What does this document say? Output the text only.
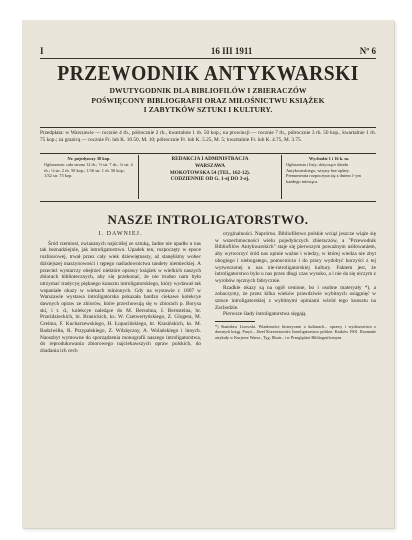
I	16 III 1911	Nº 6
PRZEWODNIK ANTYKWARSKI
DWUTYGODNIK DLA BIBLIOFILÓW I ZBIERACZÓW
POŚWIĘCONY BIBLIOGRAFII ORAZ MIŁOŚNICTWU KSIĄŻEK
I ZABYTKÓW SZTUKI I KULTURY.
Przedpłata: w Warszawie — rocznie 4 rb., półrocznie 2 rb., kwartalnie 1 rb. 50 kop.; na prowincji — rocznie 7 rb., półrocznie 3 rb. 50 kop., kwartalnie 1 rb. 75 kop.; za granicą — rocznie Fr. lub K. 10.50, M. 10; półrocznie Fr. lub K. 5.25, M. 5; kwartalnie Fr. lub K. 4.75, M. 3.75.
Nr. pojedynczy 30 kop.
Ogłoszenia: cała strona 12 rb.; ½ str. 7 rb.; ¼ str. 4 rb.; ⅛ str. 2 rb. 50 kop.; 1/16 str. 1 rb. 50 kop.; 1/32 str. 75 kop.
REDAKCJA I ADMINISTRACJA
WARSZAWA
MOKOTOWSKA 54 (TEL. 162-12).
CODZIENNIE OD G. 1-ej DO 3-ej.
Wychodzi 1 i 16 k. m.
Ogłoszenia i listy, dotyczące działu Antykwarskiego, wtryny bez opłaty. Prenumerata rozpoczyna się z dniem 1-ym każdego miesiąca.
NASZE INTROLIGATORSTWO.
I. DAWNIEJ.

Śród rzemiosł, zwiazanych najściślej ze sztuką, żadne nie upadło u nas tak beznadziejnie, jak introligatorstwo. Upadek ten, rozpoczęty w epoce rozbiorowej, trwał przez cały wiek dziewiętnasty, aż stanęliśmy wobec dzisiejszej maszynowości i tępego naśladownictwa tandety niemieckiej. A przecież wystarczy obejrzeć niektóre oprawy książek w wielkich naszych zbiorach bibliotecznych, aby się przekonać, że nie trudno nam było utrzymać tradycyę pięknego kunsztu introligatorskiego, który wydawał tak wspaniałe okazy w wiekach minionych. Gdy na wystawie r. 1807 w Warszawie wystawa introligatorska pokazała bardzo ciekawe kolekcye dawnych opraw ze zbiorów, które przechowują się w zbiorach p. Borysa ski, i t. d., kolekcye należące do M. Bersohna, I. Bernsteina, hr. Przeździeckich, hr. Branickich, ks. W. Czetwertyńskiego, Z. Glogera, M. Greima, F. Kucharzewskiego, H. Łopacińskiego, hr. Krasińskich, ks. M. Radziwiłła, R. Przypałskiego, Z. Wdzięczny, A. Wolańskiego i innych. Naoszbyt wymowne do sporządzenia monografii naszego introligatorstwa, do reprodukowania zbiorowego najciekawszych opraw polskich, do zbadania ich cech

oryginalności. Naprórno. Bibliofilstwo polskie wciąż jeszcze wiąże się w wszechmocności wielu pojedyńczych zbieraczów, a "Przewodnik Bibliofilów Antykwarskich" staje się pierwszym poważnym usiłowaniem, aby wytworzyć śród nas opinie ważne i wiedzy, w której wiedza nie zbyt ubogiego i niebogatego, pomocniczo i do pracy wydobyć korzyści z tej wytworzonej u nas nie-introligatorskiej kultury. Faktem jest, że introligatorstwo było u nas przez długi czas wysoko, a i nie da się niczym z wyrobów ręcznych fabrycznie.

Rzadkie okazy są na ogół cenione, bo i osobne materyały *), a zobaczymy, że przez kilka wieków prawdziwie wybitnych osiągnięć w sztuce introligatorskiej z wybitnymi opiniami wśród tego kunsztu na Zachodzie.

Pierwsze ślady introligatorstwa sięgają

*) Stanisław Lisowski. Wiadomości historyczne o kulturach... oprawy i wydawnictwa z dawnych ksiąg. Paryż... Józef Korzeniowski: Introligatorstwo polskie. Kraków 1901. Rozmaite artykuły w Kurjerze Warsz., Tyg. Illustr., i w Przeglądzie Bibliograficznym.
